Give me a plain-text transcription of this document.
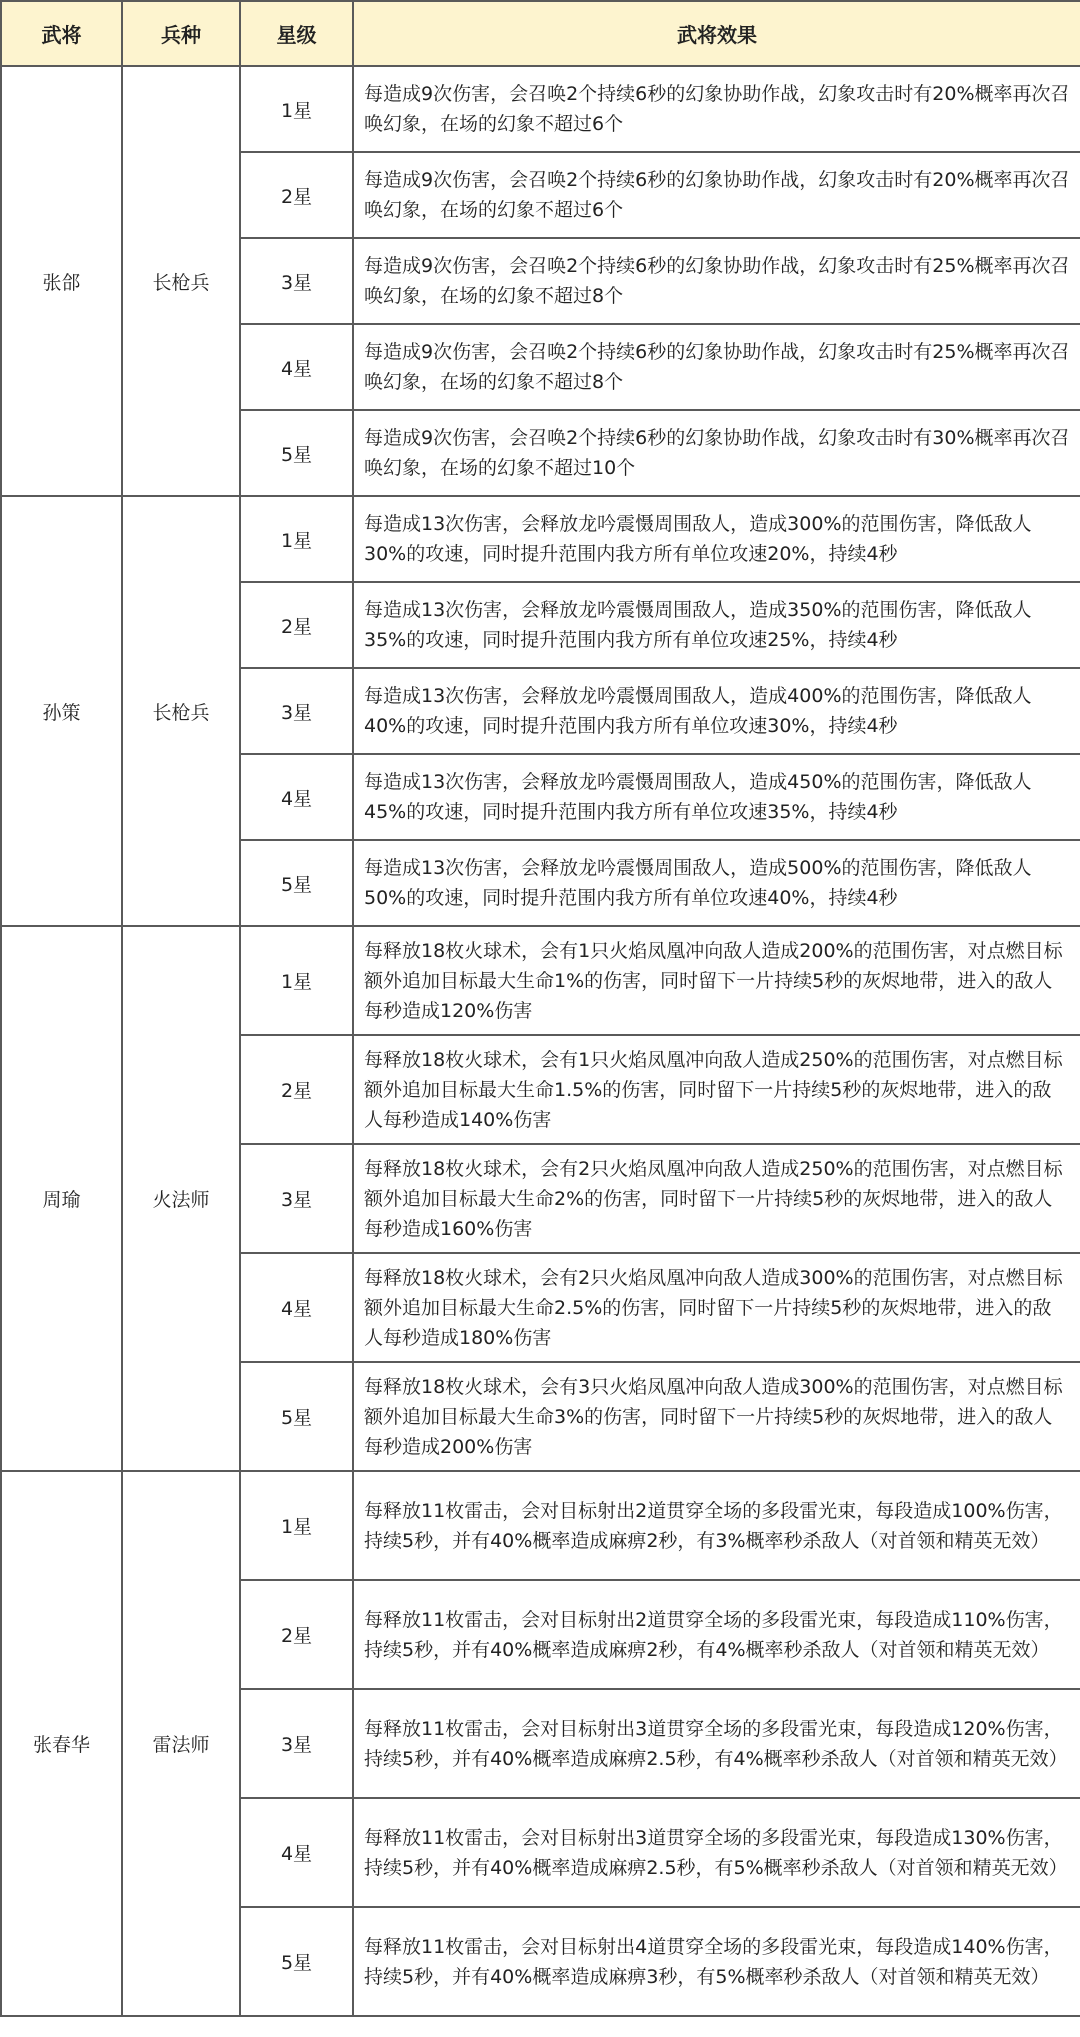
武将	兵种	星级	武将效果
张郃	长枪兵	1星	每造成9次伤害，会召唤2个持续6秒的幻象协助作战，幻象攻击时有20%概率再次召唤幻象，在场的幻象不超过6个
		2星	每造成9次伤害，会召唤2个持续6秒的幻象协助作战，幻象攻击时有20%概率再次召唤幻象，在场的幻象不超过6个
		3星	每造成9次伤害，会召唤2个持续6秒的幻象协助作战，幻象攻击时有25%概率再次召唤幻象，在场的幻象不超过8个
		4星	每造成9次伤害，会召唤2个持续6秒的幻象协助作战，幻象攻击时有25%概率再次召唤幻象，在场的幻象不超过8个
		5星	每造成9次伤害，会召唤2个持续6秒的幻象协助作战，幻象攻击时有30%概率再次召唤幻象，在场的幻象不超过10个
孙策	长枪兵	1星	每造成13次伤害，会释放龙吟震慑周围敌人，造成300%的范围伤害，降低敌人30%的攻速，同时提升范围内我方所有单位攻速20%，持续4秒
		2星	每造成13次伤害，会释放龙吟震慑周围敌人，造成350%的范围伤害，降低敌人35%的攻速，同时提升范围内我方所有单位攻速25%，持续4秒
		3星	每造成13次伤害，会释放龙吟震慑周围敌人，造成400%的范围伤害，降低敌人40%的攻速，同时提升范围内我方所有单位攻速30%，持续4秒
		4星	每造成13次伤害，会释放龙吟震慑周围敌人，造成450%的范围伤害，降低敌人45%的攻速，同时提升范围内我方所有单位攻速35%，持续4秒
		5星	每造成13次伤害，会释放龙吟震慑周围敌人，造成500%的范围伤害，降低敌人50%的攻速，同时提升范围内我方所有单位攻速40%，持续4秒
周瑜	火法师	1星	每释放18枚火球术，会有1只火焰凤凰冲向敌人造成200%的范围伤害，对点燃目标额外追加目标最大生命1%的伤害，同时留下一片持续5秒的灰烬地带，进入的敌人每秒造成120%伤害
		2星	每释放18枚火球术，会有1只火焰凤凰冲向敌人造成250%的范围伤害，对点燃目标额外追加目标最大生命1.5%的伤害，同时留下一片持续5秒的灰烬地带，进入的敌人每秒造成140%伤害
		3星	每释放18枚火球术，会有2只火焰凤凰冲向敌人造成250%的范围伤害，对点燃目标额外追加目标最大生命2%的伤害，同时留下一片持续5秒的灰烬地带，进入的敌人每秒造成160%伤害
		4星	每释放18枚火球术，会有2只火焰凤凰冲向敌人造成300%的范围伤害，对点燃目标额外追加目标最大生命2.5%的伤害，同时留下一片持续5秒的灰烬地带，进入的敌人每秒造成180%伤害
		5星	每释放18枚火球术，会有3只火焰凤凰冲向敌人造成300%的范围伤害，对点燃目标额外追加目标最大生命3%的伤害，同时留下一片持续5秒的灰烬地带，进入的敌人每秒造成200%伤害
张春华	雷法师	1星	每释放11枚雷击，会对目标射出2道贯穿全场的多段雷光束，每段造成100%伤害，持续5秒，并有40%概率造成麻痹2秒，有3%概率秒杀敌人（对首领和精英无效）
		2星	每释放11枚雷击，会对目标射出2道贯穿全场的多段雷光束，每段造成110%伤害，持续5秒，并有40%概率造成麻痹2秒，有4%概率秒杀敌人（对首领和精英无效）
		3星	每释放11枚雷击，会对目标射出3道贯穿全场的多段雷光束，每段造成120%伤害，持续5秒，并有40%概率造成麻痹2.5秒，有4%概率秒杀敌人（对首领和精英无效）
		4星	每释放11枚雷击，会对目标射出3道贯穿全场的多段雷光束，每段造成130%伤害，持续5秒，并有40%概率造成麻痹2.5秒，有5%概率秒杀敌人（对首领和精英无效）
		5星	每释放11枚雷击，会对目标射出4道贯穿全场的多段雷光束，每段造成140%伤害，持续5秒，并有40%概率造成麻痹3秒，有5%概率秒杀敌人（对首领和精英无效）
